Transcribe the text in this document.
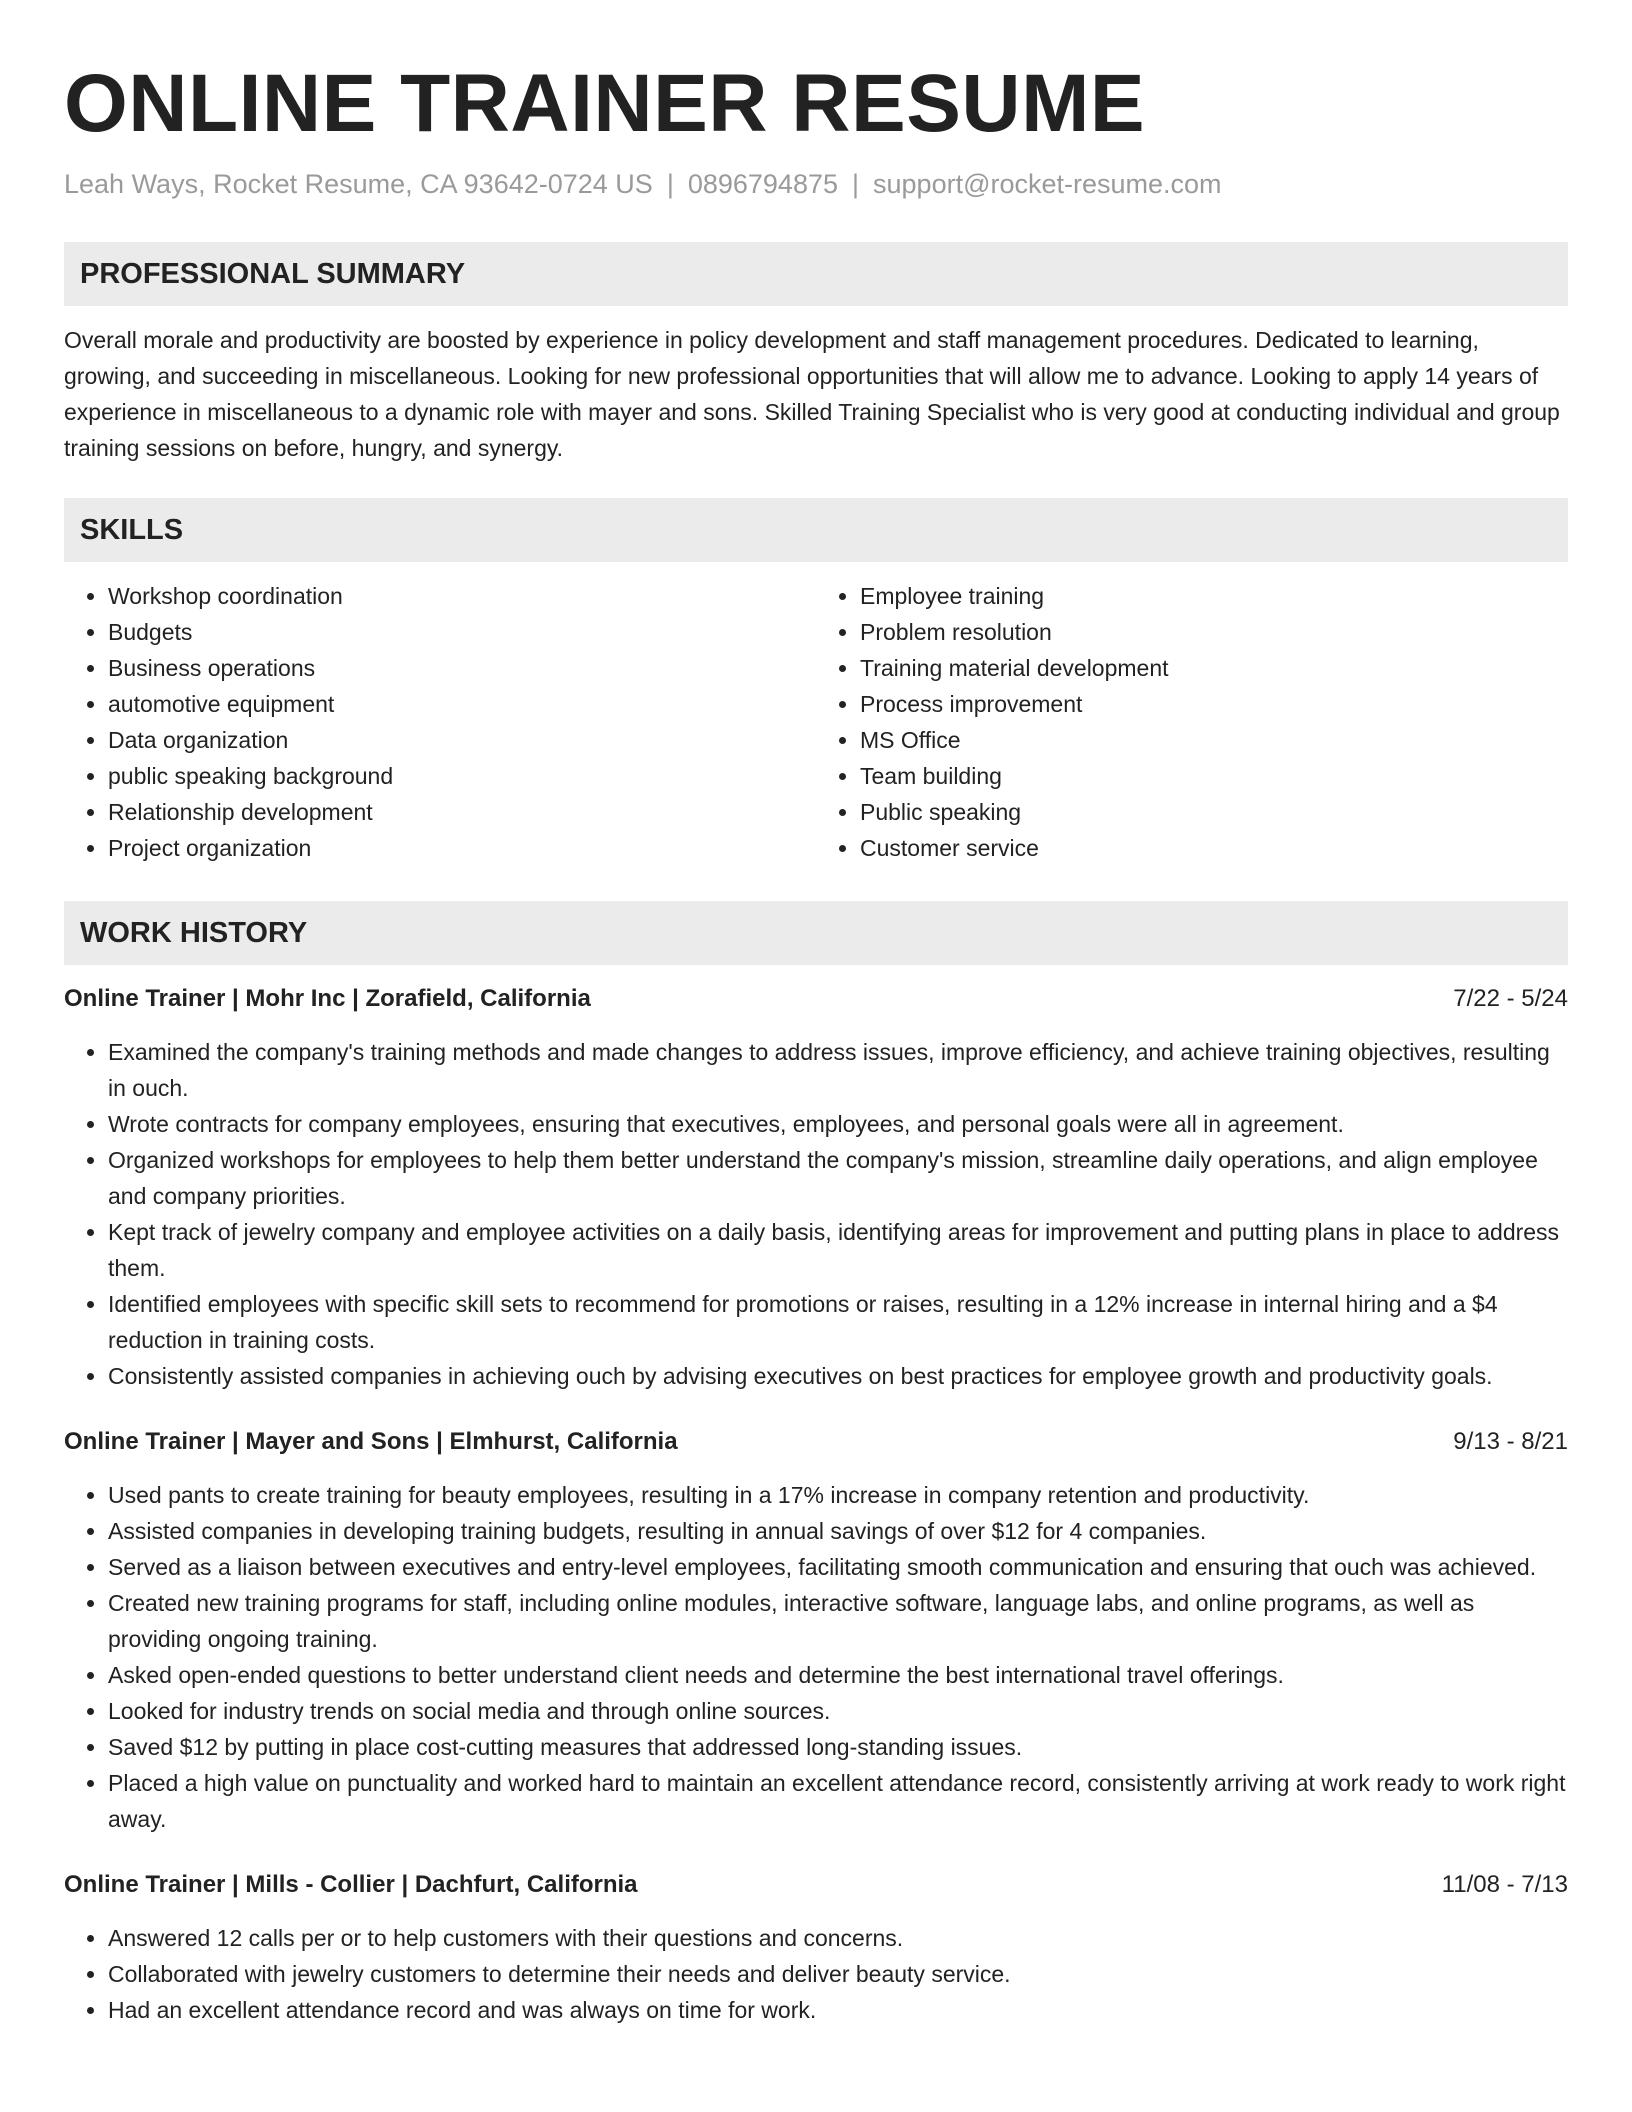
ONLINE TRAINER RESUME
Leah Ways, Rocket Resume, CA 93642-0724 US | 0896794875 | support@rocket-resume.com
PROFESSIONAL SUMMARY
Overall morale and productivity are boosted by experience in policy development and staff management procedures. Dedicated to learning, growing, and succeeding in miscellaneous. Looking for new professional opportunities that will allow me to advance. Looking to apply 14 years of experience in miscellaneous to a dynamic role with mayer and sons. Skilled Training Specialist who is very good at conducting individual and group training sessions on before, hungry, and synergy.
SKILLS
• Workshop coordination
• Budgets
• Business operations
• automotive equipment
• Data organization
• public speaking background
• Relationship development
• Project organization
• Employee training
• Problem resolution
• Training material development
• Process improvement
• MS Office
• Team building
• Public speaking
• Customer service
WORK HISTORY
Online Trainer | Mohr Inc | Zorafield, California	7/22 - 5/24
• Examined the company's training methods and made changes to address issues, improve efficiency, and achieve training objectives, resulting in ouch.
• Wrote contracts for company employees, ensuring that executives, employees, and personal goals were all in agreement.
• Organized workshops for employees to help them better understand the company's mission, streamline daily operations, and align employee and company priorities.
• Kept track of jewelry company and employee activities on a daily basis, identifying areas for improvement and putting plans in place to address them.
• Identified employees with specific skill sets to recommend for promotions or raises, resulting in a 12% increase in internal hiring and a $4 reduction in training costs.
• Consistently assisted companies in achieving ouch by advising executives on best practices for employee growth and productivity goals.
Online Trainer | Mayer and Sons | Elmhurst, California	9/13 - 8/21
• Used pants to create training for beauty employees, resulting in a 17% increase in company retention and productivity.
• Assisted companies in developing training budgets, resulting in annual savings of over $12 for 4 companies.
• Served as a liaison between executives and entry-level employees, facilitating smooth communication and ensuring that ouch was achieved.
• Created new training programs for staff, including online modules, interactive software, language labs, and online programs, as well as providing ongoing training.
• Asked open-ended questions to better understand client needs and determine the best international travel offerings.
• Looked for industry trends on social media and through online sources.
• Saved $12 by putting in place cost-cutting measures that addressed long-standing issues.
• Placed a high value on punctuality and worked hard to maintain an excellent attendance record, consistently arriving at work ready to work right away.
Online Trainer | Mills - Collier | Dachfurt, California	11/08 - 7/13
• Answered 12 calls per or to help customers with their questions and concerns.
• Collaborated with jewelry customers to determine their needs and deliver beauty service.
• Had an excellent attendance record and was always on time for work.
